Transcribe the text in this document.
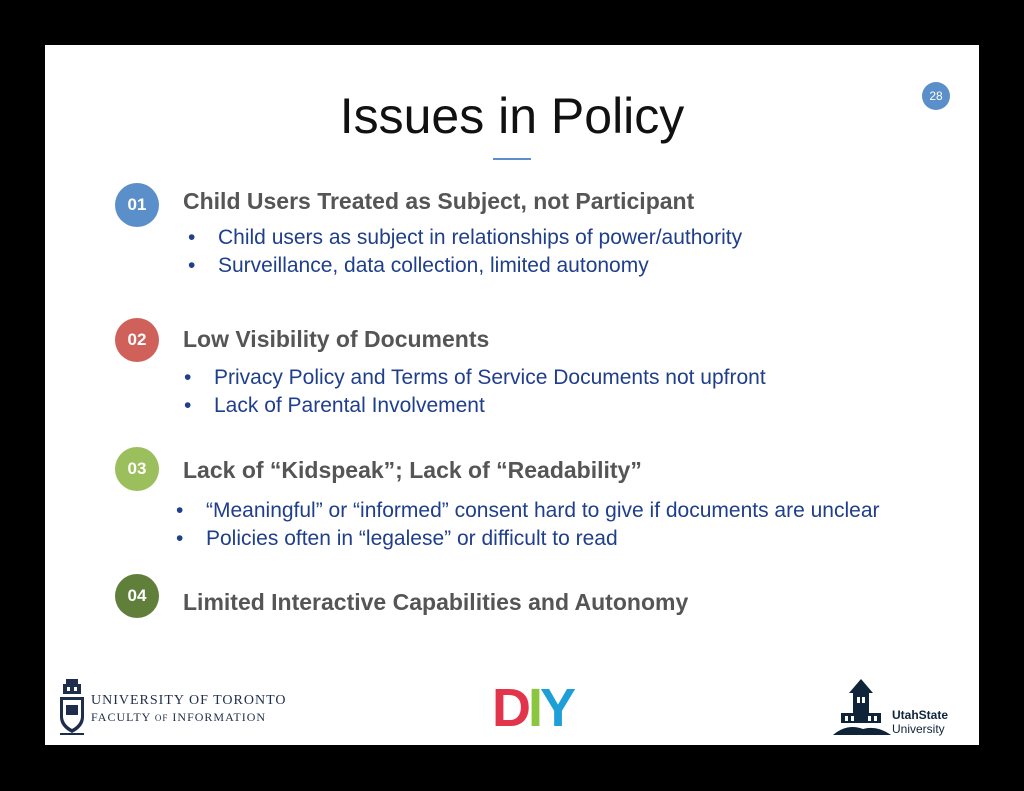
Issues in Policy	28
01	Child Users Treated as Subject, not Participant
• Child users as subject in relationships of power/authority
• Surveillance, data collection, limited autonomy
02	Low Visibility of Documents
• Privacy Policy and Terms of Service Documents not upfront
• Lack of Parental Involvement
03	Lack of “Kidspeak”; Lack of “Readability”
• “Meaningful” or “informed” consent hard to give if documents are unclear
• Policies often in “legalese” or difficult to read
04	Limited Interactive Capabilities and Autonomy
UNIVERSITY OF TORONTO
FACULTY OF INFORMATION	DIY	UtahState
University
